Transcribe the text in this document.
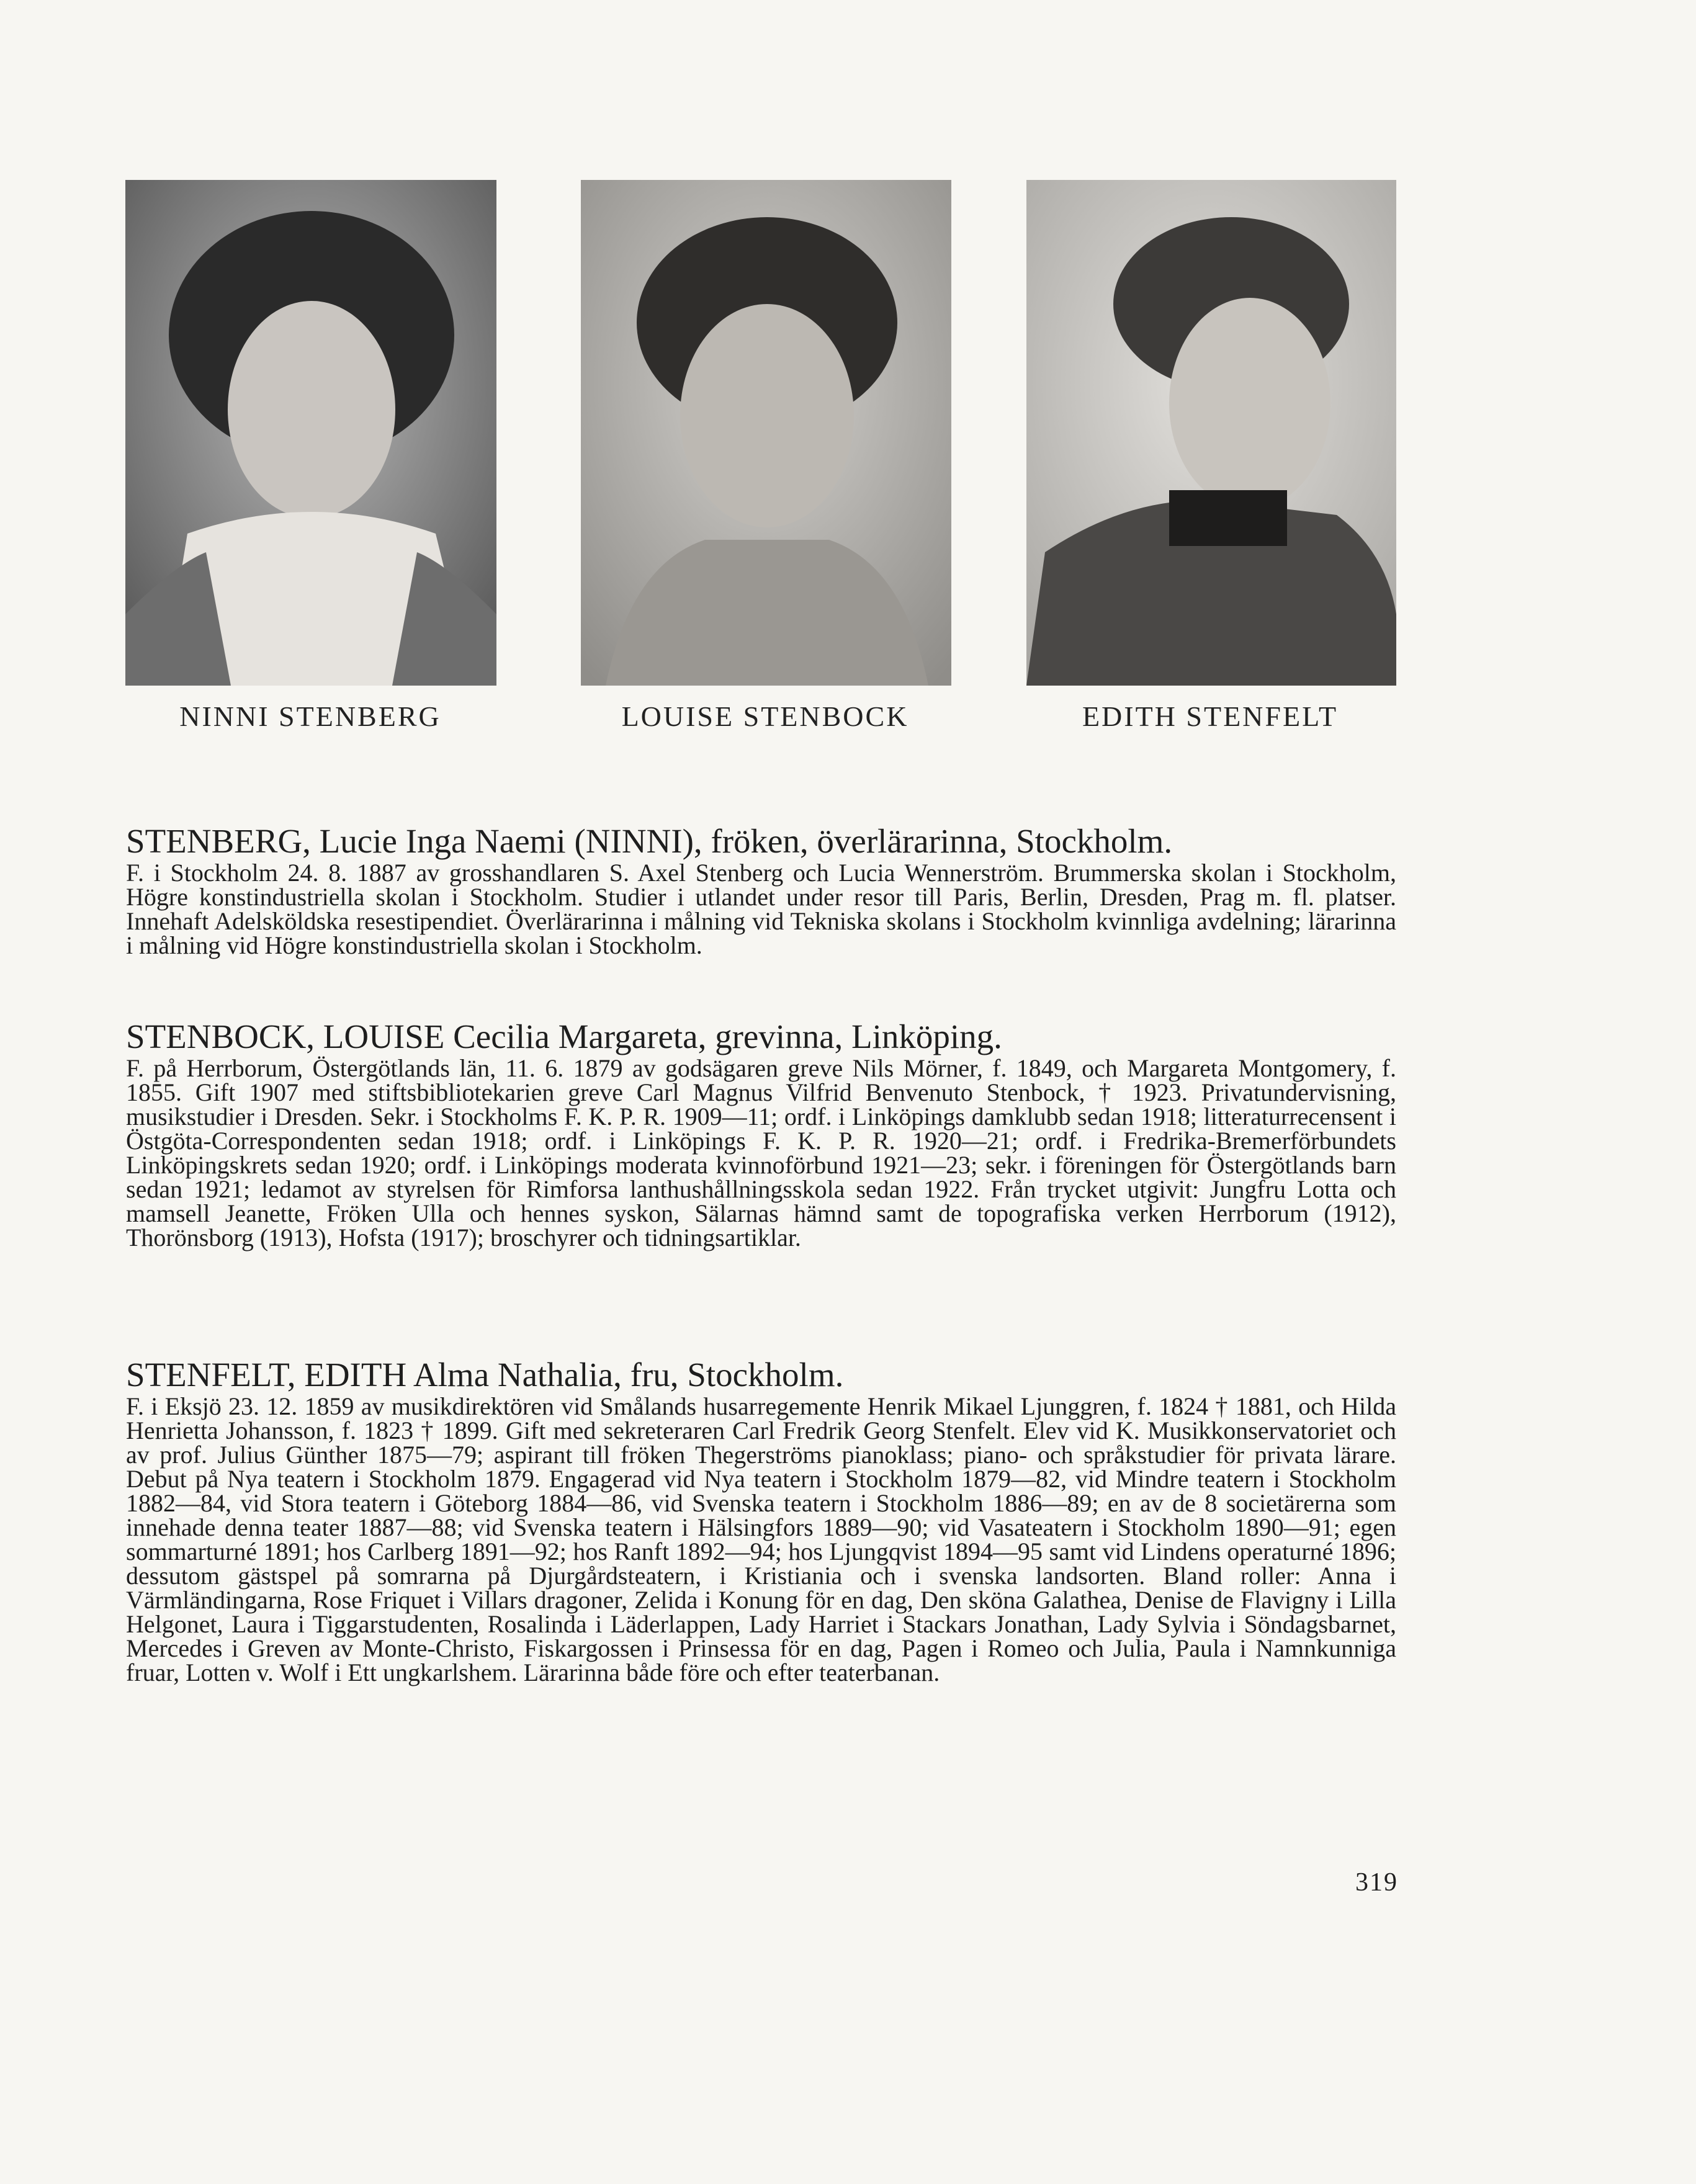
NINNI STENBERG	LOUISE STENBOCK	EDITH STENFELT
STENBERG, Lucie Inga Naemi (NINNI), fröken, överlärarinna, Stockholm.
F. i Stockholm 24. 8. 1887 av grosshandlaren S. Axel Stenberg och Lucia Wennerström. Brummerska skolan i Stockholm, Högre konstindustriella skolan i Stockholm. Studier i utlandet under resor till Paris, Berlin, Dresden, Prag m. fl. platser. Innehaft Adelsköldska resestipendiet. Överlärarinna i målning vid Tekniska skolans i Stockholm kvinnliga avdelning; lärarinna i målning vid Högre konstindustriella skolan i Stockholm.
STENBOCK, LOUISE Cecilia Margareta, grevinna, Linköping.
F. på Herrborum, Östergötlands län, 11. 6. 1879 av godsägaren greve Nils Mörner, f. 1849, och Margareta Montgomery, f. 1855. Gift 1907 med stiftsbibliotekarien greve Carl Magnus Vilfrid Benvenuto Stenbock, † 1923. Privatundervisning, musikstudier i Dresden. Sekr. i Stockholms F. K. P. R. 1909—11; ordf. i Linköpings damklubb sedan 1918; litteraturrecensent i Östgöta-Correspondenten sedan 1918; ordf. i Linköpings F. K. P. R. 1920—21; ordf. i Fredrika-Bremerförbundets Linköpingskrets sedan 1920; ordf. i Linköpings moderata kvinnoförbund 1921—23; sekr. i föreningen för Östergötlands barn sedan 1921; ledamot av styrelsen för Rimforsa lanthushållningsskola sedan 1922. Från trycket utgivit: Jungfru Lotta och mamsell Jeanette, Fröken Ulla och hennes syskon, Sälarnas hämnd samt de topografiska verken Herrborum (1912), Thorönsborg (1913), Hofsta (1917); broschyrer och tidningsartiklar.
STENFELT, EDITH Alma Nathalia, fru, Stockholm.
F. i Eksjö 23. 12. 1859 av musikdirektören vid Smålands husarregemente Henrik Mikael Ljunggren, f. 1824 † 1881, och Hilda Henrietta Johansson, f. 1823 † 1899. Gift med sekreteraren Carl Fredrik Georg Stenfelt. Elev vid K. Musikkonservatoriet och av prof. Julius Günther 1875—79; aspirant till fröken Thegerströms pianoklass; piano- och språkstudier för privata lärare. Debut på Nya teatern i Stockholm 1879. Engagerad vid Nya teatern i Stockholm 1879—82, vid Mindre teatern i Stockholm 1882—84, vid Stora teatern i Göteborg 1884—86, vid Svenska teatern i Stockholm 1886—89; en av de 8 societärerna som innehade denna teater 1887—88; vid Svenska teatern i Hälsingfors 1889—90; vid Vasateatern i Stockholm 1890—91; egen sommarturné 1891; hos Carlberg 1891—92; hos Ranft 1892—94; hos Ljungqvist 1894—95 samt vid Lindens operaturné 1896; dessutom gästspel på somrarna på Djurgårdsteatern, i Kristiania och i svenska landsorten. Bland roller: Anna i Värmländingarna, Rose Friquet i Villars dragoner, Zelida i Konung för en dag, Den sköna Galathea, Denise de Flavigny i Lilla Helgonet, Laura i Tiggarstudenten, Rosalinda i Läderlappen, Lady Harriet i Stackars Jonathan, Lady Sylvia i Söndagsbarnet, Mercedes i Greven av Monte-Christo, Fiskargossen i Prinsessa för en dag, Pagen i Romeo och Julia, Paula i Namnkunniga fruar, Lotten v. Wolf i Ett ungkarlshem. Lärarinna både före och efter teaterbanan.
319
